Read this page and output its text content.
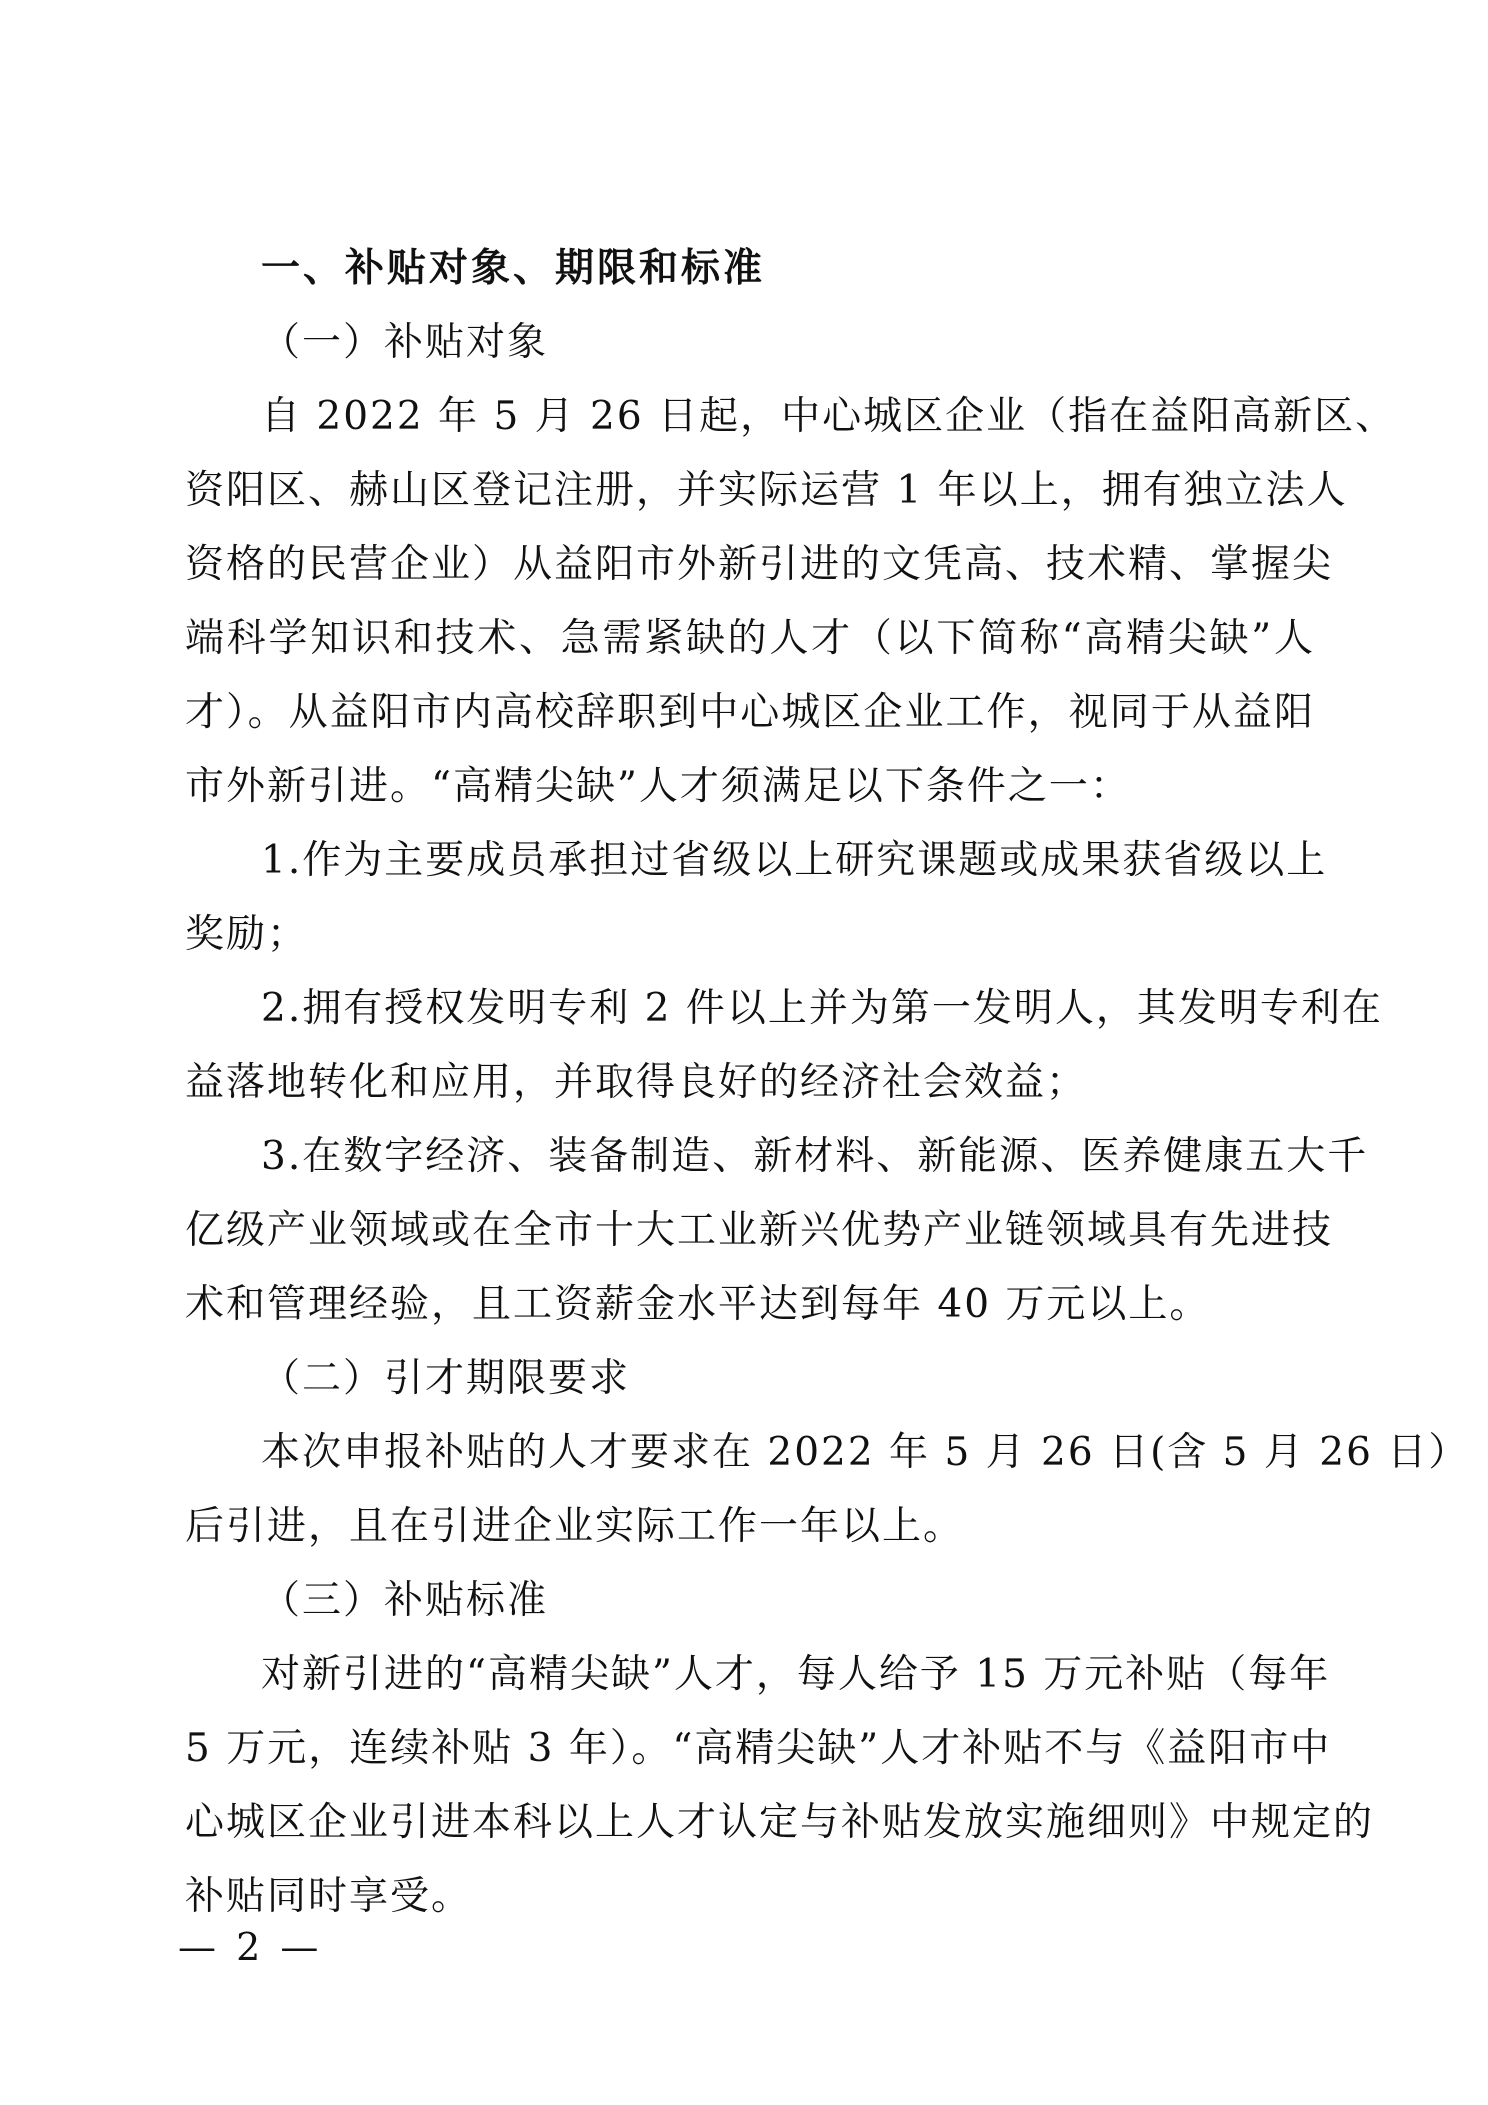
一、补贴对象、期限和标准
（一）补贴对象
自 2022 年 5 月 26 日起，中心城区企业（指在益阳高新区、
资阳区、赫山区登记注册，并实际运营 1 年以上，拥有独立法人
资格的民营企业）从益阳市外新引进的文凭高、技术精、掌握尖
端科学知识和技术、急需紧缺的人才（以下简称“高精尖缺”人
才）。从益阳市内高校辞职到中心城区企业工作，视同于从益阳
市外新引进。“高精尖缺”人才须满足以下条件之一：
1.作为主要成员承担过省级以上研究课题或成果获省级以上
奖励；
2.拥有授权发明专利 2 件以上并为第一发明人，其发明专利在
益落地转化和应用，并取得良好的经济社会效益；
3.在数字经济、装备制造、新材料、新能源、医养健康五大千
亿级产业领域或在全市十大工业新兴优势产业链领域具有先进技
术和管理经验，且工资薪金水平达到每年 40 万元以上。
（二）引才期限要求
本次申报补贴的人才要求在 2022 年 5 月 26 日(含 5 月 26 日）
后引进，且在引进企业实际工作一年以上。
（三）补贴标准
对新引进的“高精尖缺”人才，每人给予 15 万元补贴（每年
5 万元，连续补贴 3 年）。“高精尖缺”人才补贴不与《益阳市中
心城区企业引进本科以上人才认定与补贴发放实施细则》中规定的
补贴同时享受。
— 2 —
